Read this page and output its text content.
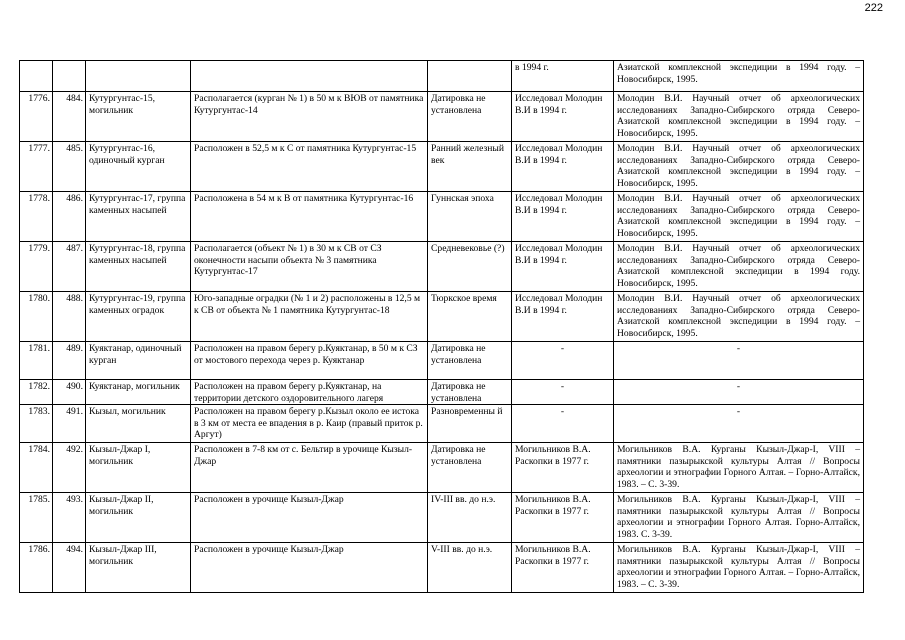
222
					в 1994 г.	Азиатской комплексной экспедиции в 1994 году. – Новосибирск, 1995.
1776.	484.	Кутургунтас-15, могильник	Располагается (курган № 1) в 50 м к ВЮВ от памятника Кутургунтас-14	Датировка не установлена	Исследовал Молодин В.И в 1994 г.	Молодин В.И. Научный отчет об археологических исследованиях Западно-Сибирского отряда Северо-Азиатской комплексной экспедиции в 1994 году. – Новосибирск, 1995.
1777.	485.	Кутургунтас-16, одиночный курган	Расположен в 52,5 м к С от памятника Кутургунтас-15	Ранний железный век	Исследовал Молодин В.И в 1994 г.	Молодин В.И. Научный отчет об археологических исследованиях Западно-Сибирского отряда Северо-Азиатской комплексной экспедиции в 1994 году. – Новосибирск, 1995.
1778.	486.	Кутургунтас-17, группа каменных насыпей	Расположена в 54 м к В от памятника Кутургунтас-16	Гуннская эпоха	Исследовал Молодин В.И в 1994 г.	Молодин В.И. Научный отчет об археологических исследованиях Западно-Сибирского отряда Северо-Азиатской комплексной экспедиции в 1994 году. – Новосибирск, 1995.
1779.	487.	Кутургунтас-18, группа каменных насыпей	Располагается (объект № 1) в 30 м к СВ от СЗ оконечности насыпи объекта № 3 памятника Кутургунтас-17	Средневековье (?)	Исследовал Молодин В.И в 1994 г.	Молодин В.И. Научный отчет об археологических исследованиях Западно-Сибирского отряда Северо-Азиатской комплексной экспедиции в 1994 году. Новосибирск, 1995.
1780.	488.	Кутургунтас-19, группа каменных оградок	Юго-западные оградки (№ 1 и 2) расположены в 12,5 м к СВ от объекта № 1 памятника Кутургунтас-18	Тюркское время	Исследовал Молодин В.И в 1994 г.	Молодин В.И. Научный отчет об археологических исследованиях Западно-Сибирского отряда Северо-Азиатской комплексной экспедиции в 1994 году. – Новосибирск, 1995.
1781.	489.	Куяктанар, одиночный курган	Расположен на правом берегу р.Куяктанар, в 50 м к СЗ от мостового перехода через р. Куяктанар	Датировка не установлена	-	-
1782.	490.	Куяктанар, могильник	Расположен на правом берегу р.Куяктанар, на территории детского оздоровительного лагеря	Датировка не установлена	-	-
1783.	491.	Кызыл, могильник	Расположен на правом берегу р.Кызыл около ее истока в 3 км от места ее впадения в р. Каир (правый приток р. Аргут)	Разновременны й	-	-
1784.	492.	Кызыл-Джар I, могильник	Расположен в 7-8 км от с. Бельтир в урочище Кызыл-Джар	Датировка не установлена	Могильников В.А. Раскопки в 1977 г.	Могильников В.А. Курганы Кызыл-Джар-I, VIII – памятники пазырыкской культуры Алтая // Вопросы археологии и этнографии Горного Алтая. – Горно-Алтайск, 1983. – С. 3-39.
1785.	493.	Кызыл-Джар II, могильник	Расположен в урочище Кызыл-Джар	IV-III вв. до н.э.	Могильников В.А. Раскопки в 1977 г.	Могильников В.А. Курганы Кызыл-Джар-I, VIII – памятники пазырыкской культуры Алтая // Вопросы археологии и этнографии Горного Алтая. Горно-Алтайск, 1983. С. 3-39.
1786.	494.	Кызыл-Джар III, могильник	Расположен в урочище Кызыл-Джар	V-III вв. до н.э.	Могильников В.А. Раскопки в 1977 г.	Могильников В.А. Курганы Кызыл-Джар-I, VIII – памятники пазырыкской культуры Алтая // Вопросы археологии и этнографии Горного Алтая. – Горно-Алтайск, 1983. – С. 3-39.
